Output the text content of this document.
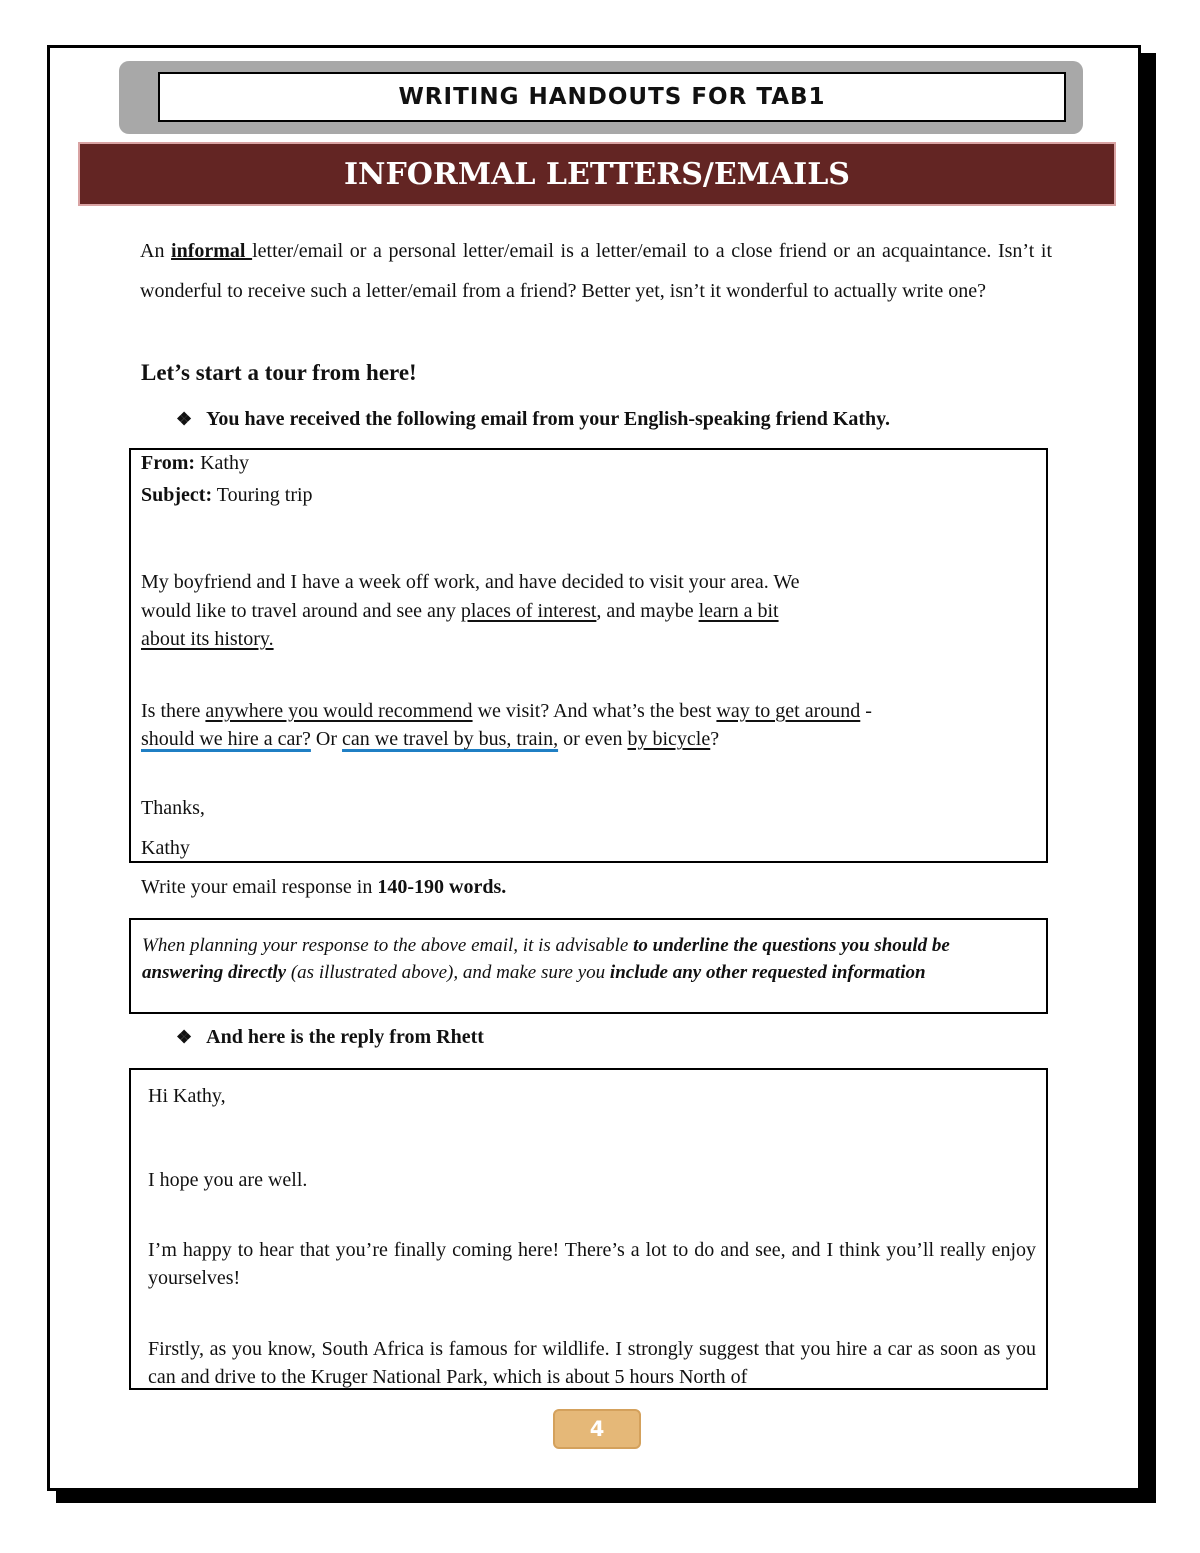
WRITING HANDOUTS FOR TAB1
INFORMAL LETTERS/EMAILS
An informal letter/email or a personal letter/email is a letter/email to a close friend or an acquaintance. Isn’t it wonderful to receive such a letter/email from a friend? Better yet, isn’t it wonderful to actually write one?
Let’s start a tour from here!
❖ You have received the following email from your English-speaking friend Kathy.
From: Kathy
Subject: Touring trip
My boyfriend and I have a week off work, and have decided to visit your area. We
would like to travel around and see any places of interest, and maybe learn a bit
about its history.
Is there anywhere you would recommend we visit? And what’s the best way to get around -
should we hire a car? Or can we travel by bus, train, or even by bicycle?
Thanks,
Kathy
Write your email response in 140-190 words.
When planning your response to the above email, it is advisable to underline the questions you should be answering directly (as illustrated above), and make sure you include any other requested information
❖ And here is the reply from Rhett
Hi Kathy,
I hope you are well.
I’m happy to hear that you’re finally coming here! There’s a lot to do and see, and I think you’ll really enjoy yourselves!
Firstly, as you know, South Africa is famous for wildlife. I strongly suggest that you hire a car as soon as you can and drive to the Kruger National Park, which is about 5 hours North of
4
